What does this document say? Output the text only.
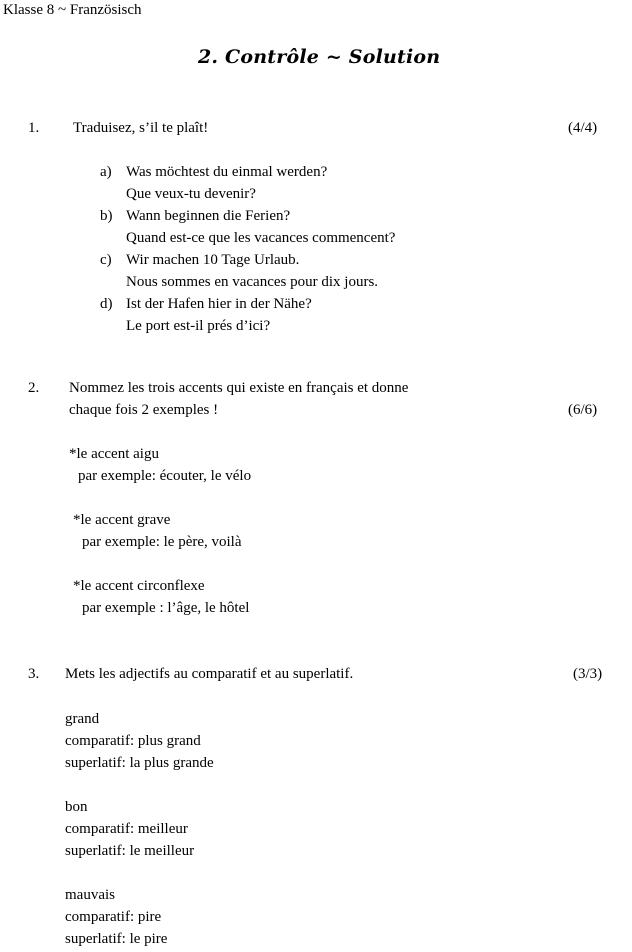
Klasse 8 ~ Französisch
2. Contrôle ~ Solution
1. Traduisez, s’il te plaît!	(4/4)
a) Was möchtest du einmal werden?
Que veux-tu devenir?
b) Wann beginnen die Ferien?
Quand est-ce que les vacances commencent?
c) Wir machen 10 Tage Urlaub.
Nous sommes en vacances pour dix jours.
d) Ist der Hafen hier in der Nähe?
Le port est-il prés d’ici?
2. Nommez les trois accents qui existe en français et donne
chaque fois 2 exemples !	(6/6)
*le accent aigu
par exemple: écouter, le vélo
*le accent grave
par exemple: le père, voilà
*le accent circonflexe
par exemple : l’âge, le hôtel
3. Mets les adjectifs au comparatif et au superlatif.	(3/3)
grand
comparatif: plus grand
superlatif: la plus grande
bon
comparatif: meilleur
superlatif: le meilleur
mauvais
comparatif: pire
superlatif: le pire
